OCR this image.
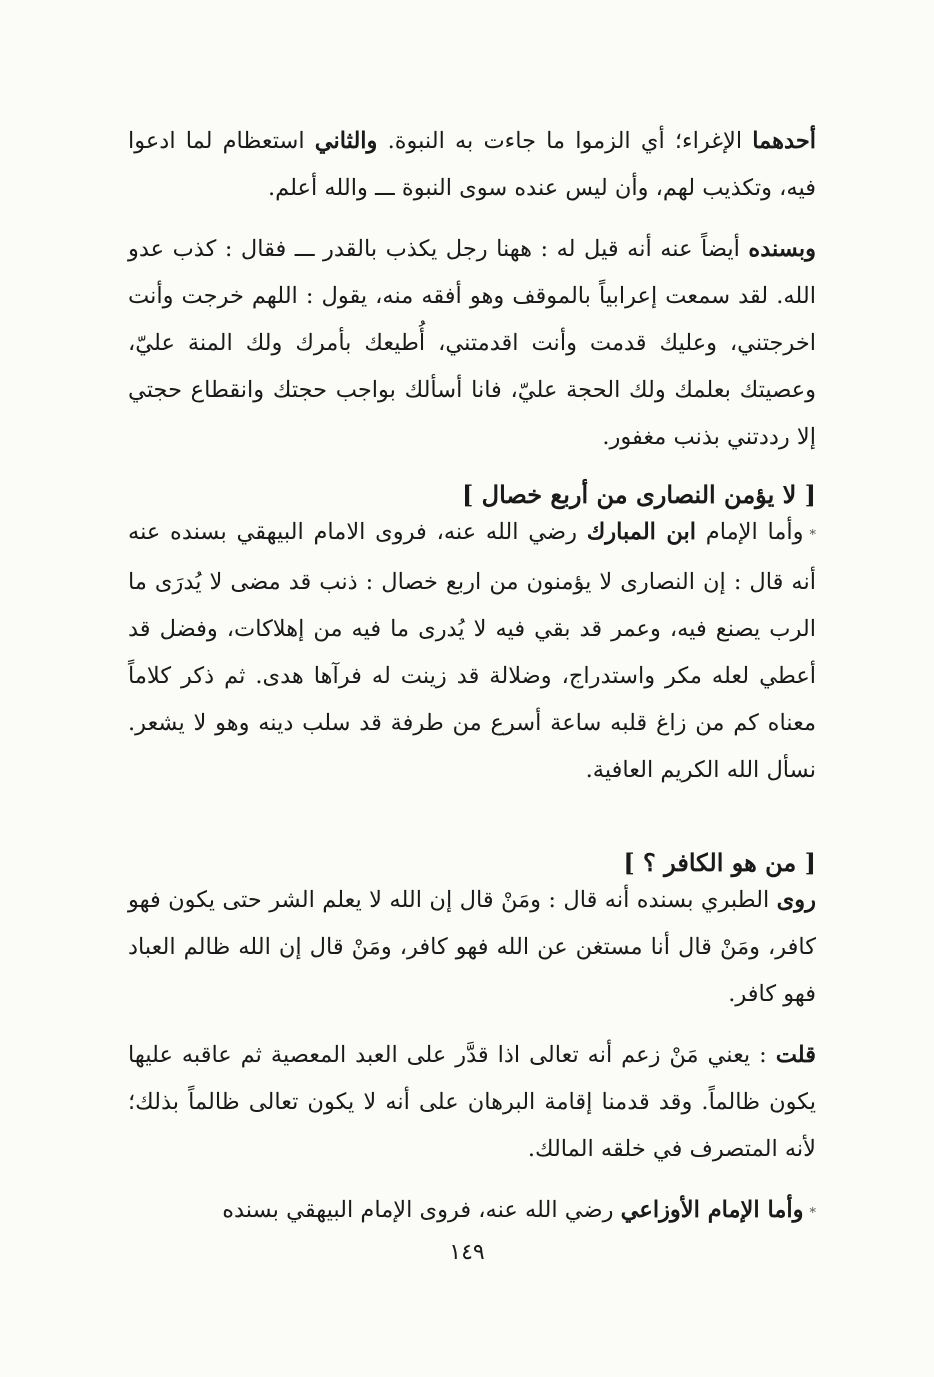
أحدهما الإغراء؛ أي الزموا ما جاءت به النبوة. والثاني استعظام لما ادعوا فيه، وتكذيب لهم، وأن ليس عنده سوى النبوة ـــ والله أعلم.

وبسنده أيضاً عنه أنه قيل له : ههنا رجل يكذب بالقدر ـــ فقال : كذب عدو الله. لقد سمعت إعرابياً بالموقف وهو أفقه منه، يقول : اللهم خرجت وأنت اخرجتني، وعليك قدمت وأنت اقدمتني، أُطيعك بأمرك ولك المنة عليّ، وعصيتك بعلمك ولك الحجة عليّ، فانا أسألك بواجب حجتك وانقطاع حجتي إلا رددتني بذنب مغفور.

[ لا يؤمن النصارى من أربع خصال ]

*وأما الإمام ابن المبارك رضي الله عنه، فروى الامام البيهقي بسنده عنه أنه قال : إن النصارى لا يؤمنون من اربع خصال : ذنب قد مضى لا يُدرَى ما الرب يصنع فيه، وعمر قد بقي فيه لا يُدرى ما فيه من إهلاكات، وفضل قد أعطي لعله مكر واستدراج، وضلالة قد زينت له فرآها هدى. ثم ذكر كلاماً معناه كم من زاغ قلبه ساعة أسرع من طرفة قد سلب دينه وهو لا يشعر. نسأل الله الكريم العافية.

[ من هو الكافر ؟ ]

روى الطبري بسنده أنه قال : ومَنْ قال إن الله لا يعلم الشر حتى يكون فهو كافر، ومَنْ قال أنا مستغن عن الله فهو كافر، ومَنْ قال إن الله ظالم العباد فهو كافر.

قلت : يعني مَنْ زعم أنه تعالى اذا قدَّر على العبد المعصية ثم عاقبه عليها يكون ظالماً. وقد قدمنا إقامة البرهان على أنه لا يكون تعالى ظالماً بذلك؛ لأنه المتصرف في خلقه المالك.

*وأما الإمام الأوزاعي رضي الله عنه، فروى الإمام البيهقي بسنده

١٤٩
